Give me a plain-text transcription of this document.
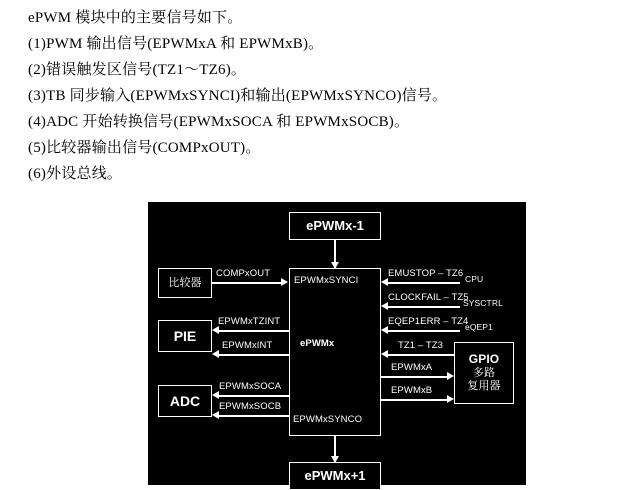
ePWM 模块中的主要信号如下。

(1)PWM 输出信号(EPWMxA 和 EPWMxB)。

(2)错误触发区信号(TZ1～TZ6)。

(3)TB 同步输入(EPWMxSYNCI)和输出(EPWMxSYNCO)信号。

(4)ADC 开始转换信号(EPWMxSOCA 和 EPWMxSOCB)。

(5)比较器输出信号(COMPxOUT)。

(6)外设总线。

ePWMx-1
EPWMxSYNCI
ePWMx
EPWMxSYNCO
ePWMx+1
比较器
PIE
ADC
GPIO
多路
复用器
COMPxOUT
EPWMxTZINT
EPWMxINT
EPWMxSOCA
EPWMxSOCB
EMUSTOP – TZ6 CPU
CLOCKFAIL – TZ5
SYSCTRL
EQEP1ERR – TZ4
eQEP1
TZ1 – TZ3
EPWMxA
EPWMxB
